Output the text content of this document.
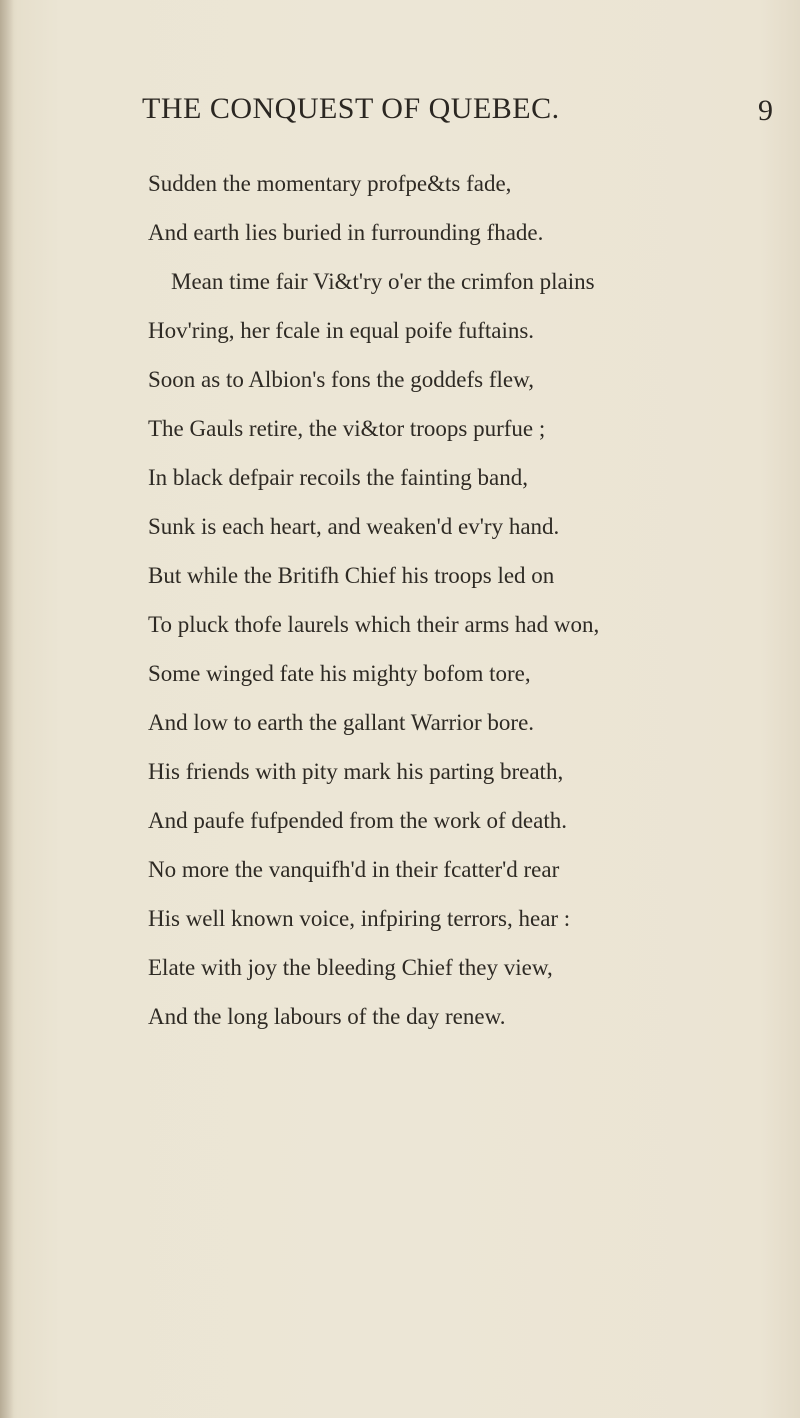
THE CONQUEST OF QUEBEC.	9
Sudden the momentary profpe&ts fade,
And earth lies buried in furrounding fhade.
Mean time fair Vi&t'ry o'er the crimfon plains
Hov'ring, her fcale in equal poife fuftains.
Soon as to Albion's fons the goddefs flew,
The Gauls retire, the vi&tor troops purfue ;
In black defpair recoils the fainting band,
Sunk is each heart, and weaken'd ev'ry hand.
But while the Britifh Chief his troops led on
To pluck thofe laurels which their arms had won,
Some winged fate his mighty bofom tore,
And low to earth the gallant Warrior bore.
His friends with pity mark his parting breath,
And paufe fufpended from the work of death.
No more the vanquifh'd in their fcatter'd rear
His well known voice, infpiring terrors, hear :
Elate with joy the bleeding Chief they view,
And the long labours of the day renew.
